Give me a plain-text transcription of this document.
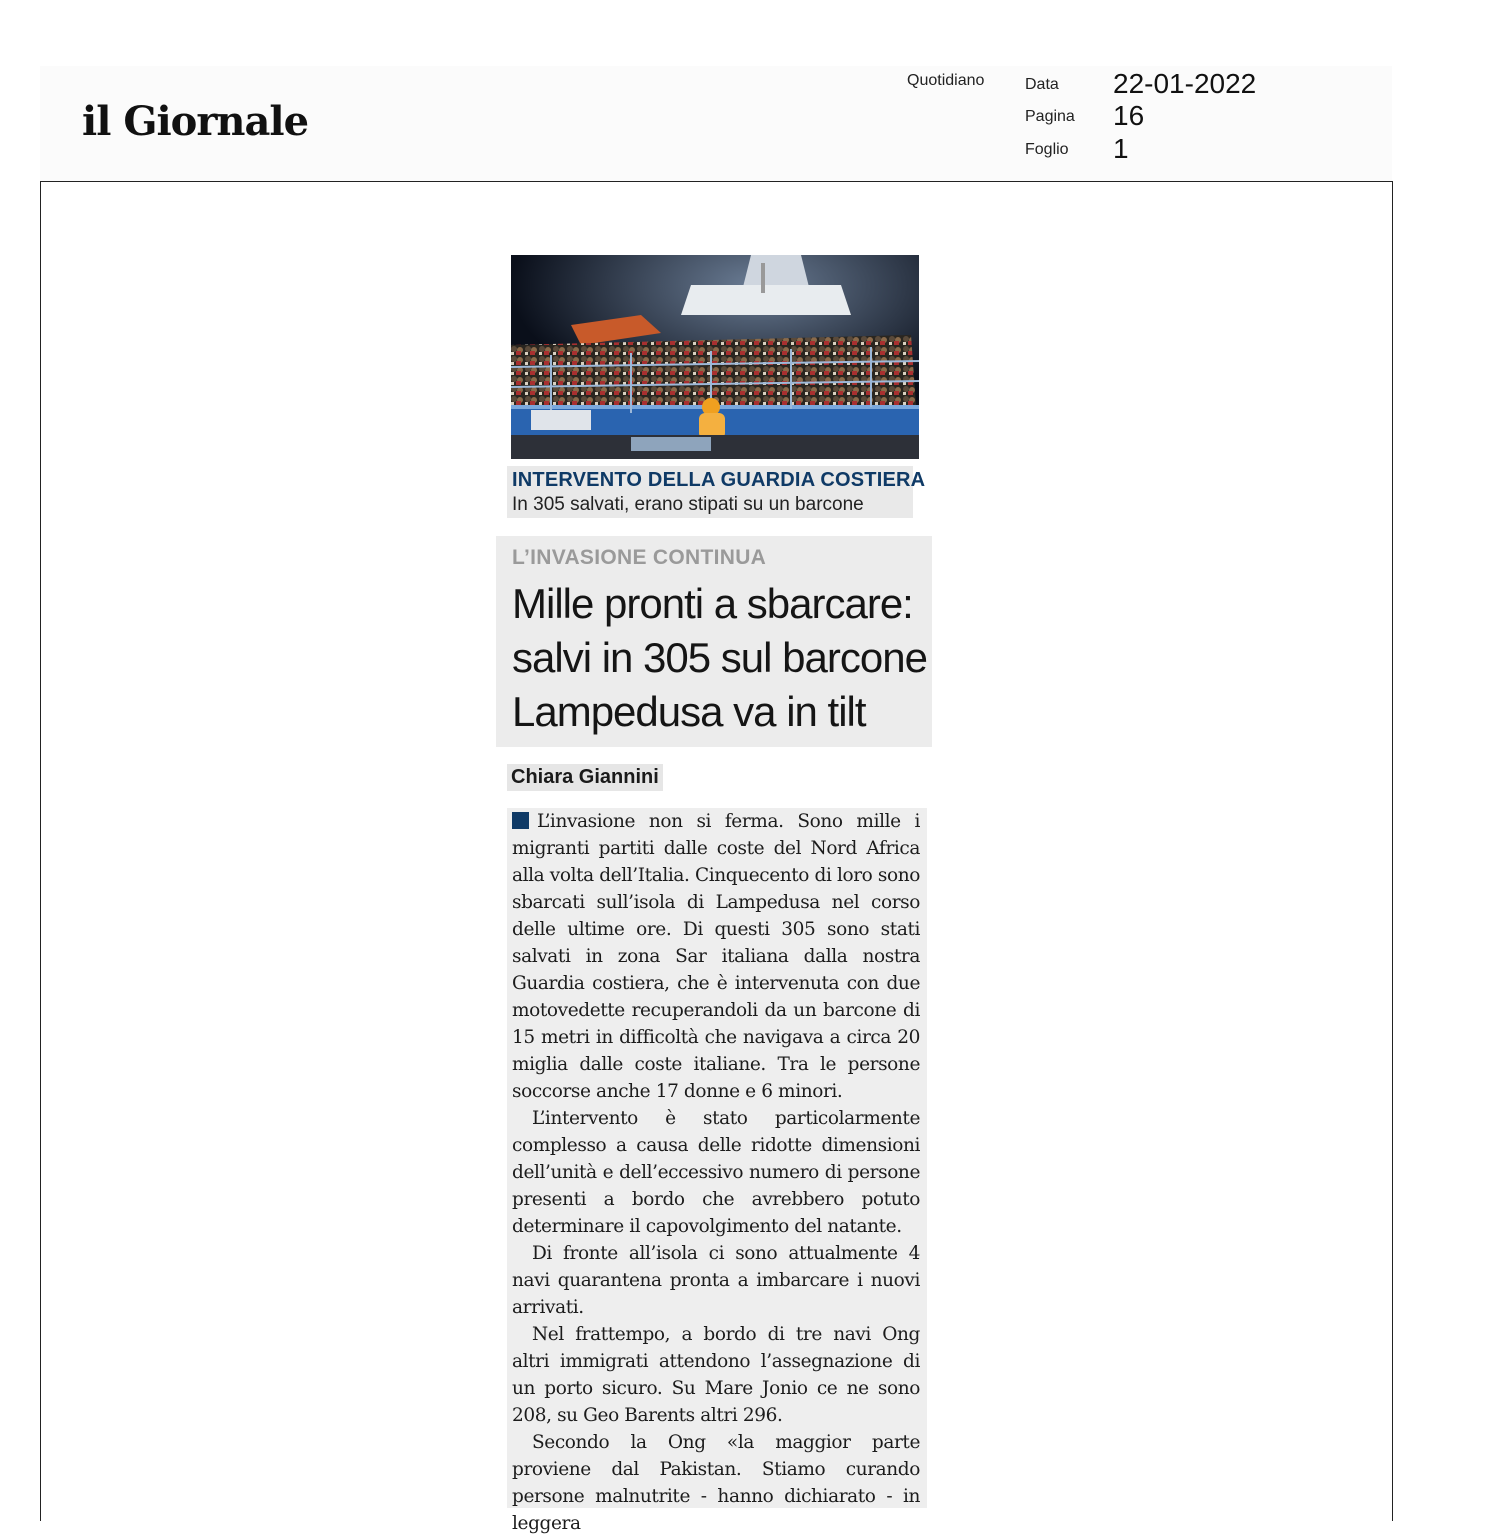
il Giornale
Quotidiano	Data 22-01-2022
Pagina 16
Foglio 1
INTERVENTO DELLA GUARDIA COSTIERA
In 305 salvati, erano stipati su un barcone
L’INVASIONE CONTINUA
Mille pronti a sbarcare:
salvi in 305 sul barcone
Lampedusa va in tilt
Chiara Giannini

L’invasione non si ferma. Sono mille i migranti partiti dalle coste del Nord Africa alla volta dell’Italia. Cinquecento di loro sono sbarcati sull’isola di Lampedusa nel corso delle ultime ore. Di questi 305 sono stati salvati in zona Sar italiana dalla nostra Guardia costiera, che è intervenuta con due motovedette recuperandoli da un barcone di 15 metri in difficoltà che navigava a circa 20 miglia dalle coste italiane. Tra le persone soccorse anche 17 donne e 6 minori.

L’intervento è stato particolarmente complesso a causa delle ridotte dimensioni dell’unità e dell’eccessivo numero di persone presenti a bordo che avrebbero potuto determinare il capovolgimento del natante.

Di fronte all’isola ci sono attualmente 4 navi quarantena pronta a imbarcare i nuovi arrivati.

Nel frattempo, a bordo di tre navi Ong altri immigrati attendono l’assegnazione di un porto sicuro. Su Mare Jonio ce ne sono 208, su Geo Barents altri 296.

Secondo la Ong «la maggior parte proviene dal Pakistan. Stiamo curando persone malnutrite - hanno dichiarato - in leggera
